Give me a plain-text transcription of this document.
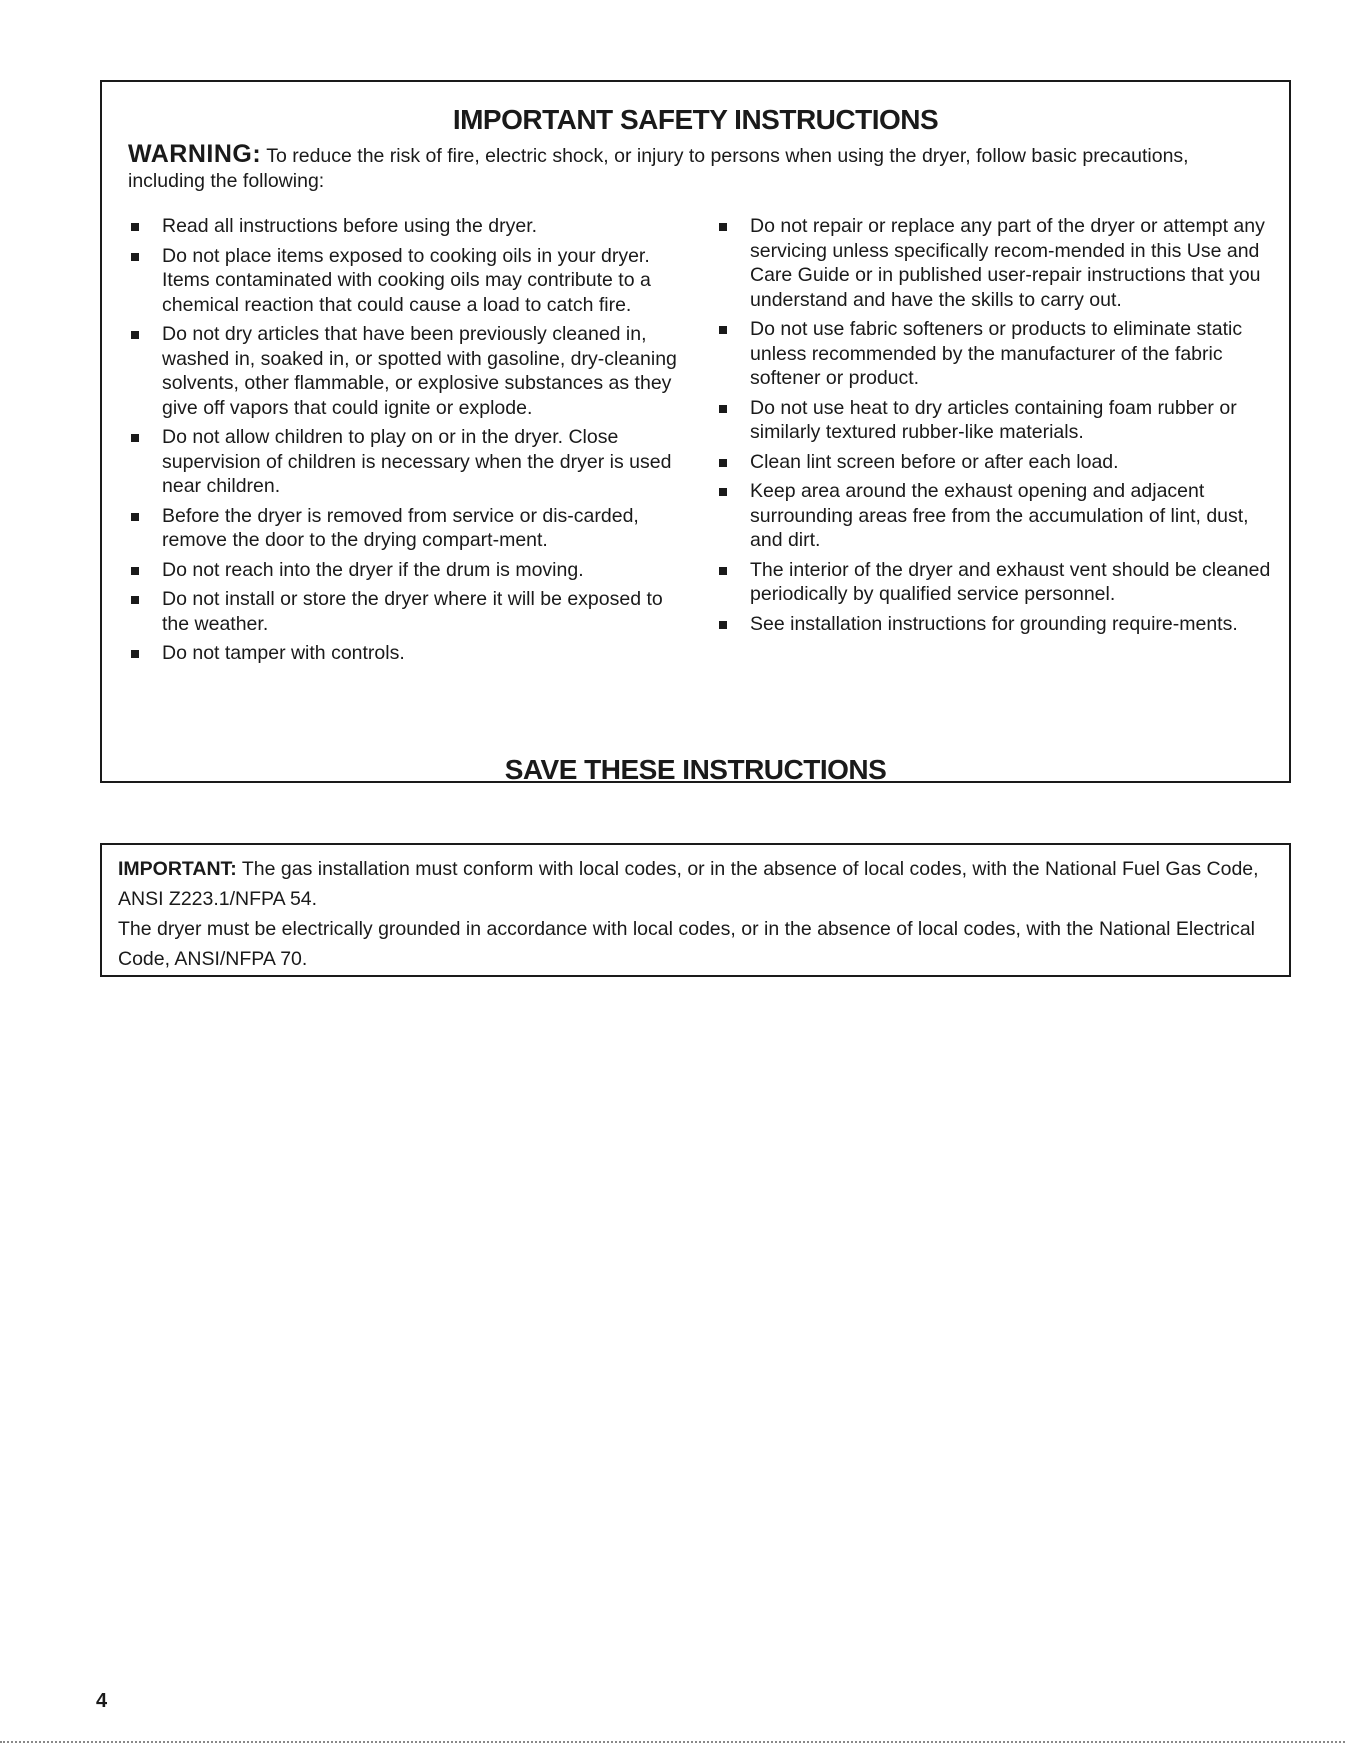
IMPORTANT SAFETY INSTRUCTIONS

WARNING: To reduce the risk of fire, electric shock, or injury to persons when using the dryer, follow basic precautions, including the following:

Read all instructions before using the dryer.
Do not place items exposed to cooking oils in your dryer. Items contaminated with cooking oils may contribute to a chemical reaction that could cause a load to catch fire.
Do not dry articles that have been previously cleaned in, washed in, soaked in, or spotted with gasoline, dry-cleaning solvents, other flammable, or explosive substances as they give off vapors that could ignite or explode.
Do not allow children to play on or in the dryer. Close supervision of children is necessary when the dryer is used near children.
Before the dryer is removed from service or dis-carded, remove the door to the drying compart-ment.
Do not reach into the dryer if the drum is moving.
Do not install or store the dryer where it will be exposed to the weather.
Do not tamper with controls.
Do not repair or replace any part of the dryer or attempt any servicing unless specifically recom-mended in this Use and Care Guide or in published user-repair instructions that you understand and have the skills to carry out.
Do not use fabric softeners or products to eliminate static unless recommended by the manufacturer of the fabric softener or product.
Do not use heat to dry articles containing foam rubber or similarly textured rubber-like materials.
Clean lint screen before or after each load.
Keep area around the exhaust opening and adjacent surrounding areas free from the accumulation of lint, dust, and dirt.
The interior of the dryer and exhaust vent should be cleaned periodically by qualified service personnel.
See installation instructions for grounding require-ments.
SAVE THESE INSTRUCTIONS

IMPORTANT: The gas installation must conform with local codes, or in the absence of local codes, with the National Fuel Gas Code, ANSI Z223.1/NFPA 54.

The dryer must be electrically grounded in accordance with local codes, or in the absence of local codes, with the National Electrical Code, ANSI/NFPA 70.

4
